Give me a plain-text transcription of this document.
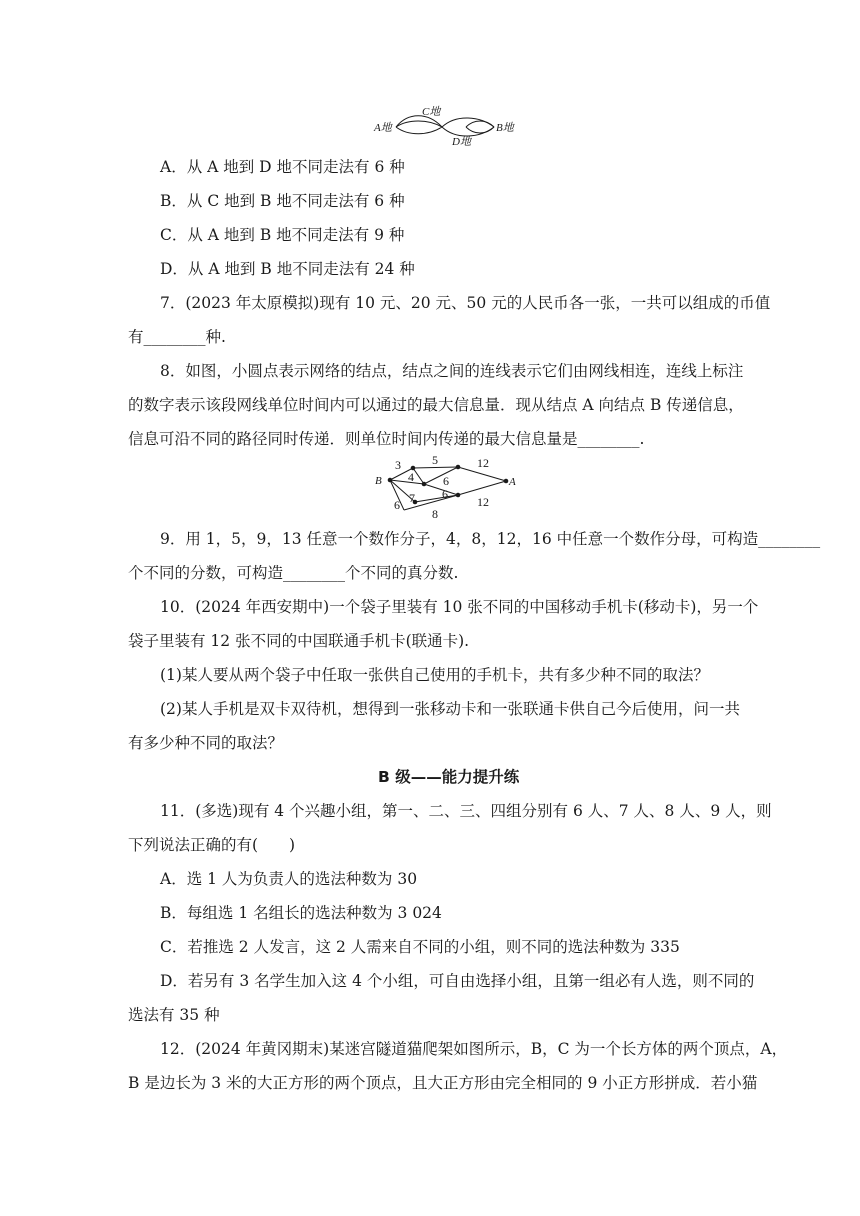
A地	B地
C地
D地
A．从 A 地到 D 地不同走法有 6 种
B．从 C 地到 B 地不同走法有 6 种
C．从 A 地到 B 地不同走法有 9 种
D．从 A 地到 B 地不同走法有 24 种
7．(2023 年太原模拟)现有 10 元、20 元、50 元的人民币各一张，一共可以组成的币值
有________种.
8．如图，小圆点表示网络的结点，结点之间的连线表示它们由网线相连，连线上标注
的数字表示该段网线单位时间内可以通过的最大信息量．现从结点 A 向结点 B 传递信息，
信息可沿不同的路径同时传递．则单位时间内传递的最大信息量是________.
B	A
3	5	12
4 6
6
7	12
6
8
9．用 1，5，9，13 任意一个数作分子，4，8，12，16 中任意一个数作分母，可构造________
个不同的分数，可构造________个不同的真分数.
10．(2024 年西安期中)一个袋子里装有 10 张不同的中国移动手机卡(移动卡)，另一个
袋子里装有 12 张不同的中国联通手机卡(联通卡).
(1)某人要从两个袋子中任取一张供自己使用的手机卡，共有多少种不同的取法？
(2)某人手机是双卡双待机，想得到一张移动卡和一张联通卡供自己今后使用，问一共
有多少种不同的取法？
B 级——能力提升练
11．(多选)现有 4 个兴趣小组，第一、二、三、四组分别有 6 人、7 人、8 人、9 人，则
下列说法正确的有(　　)
A．选 1 人为负责人的选法种数为 30
B．每组选 1 名组长的选法种数为 3 024
C．若推选 2 人发言，这 2 人需来自不同的小组，则不同的选法种数为 335
D．若另有 3 名学生加入这 4 个小组，可自由选择小组，且第一组必有人选，则不同的
选法有 35 种
12．(2024 年黄冈期末)某迷宫隧道猫爬架如图所示，B，C 为一个长方体的两个顶点，A，
B 是边长为 3 米的大正方形的两个顶点，且大正方形由完全相同的 9 小正方形拼成．若小猫
